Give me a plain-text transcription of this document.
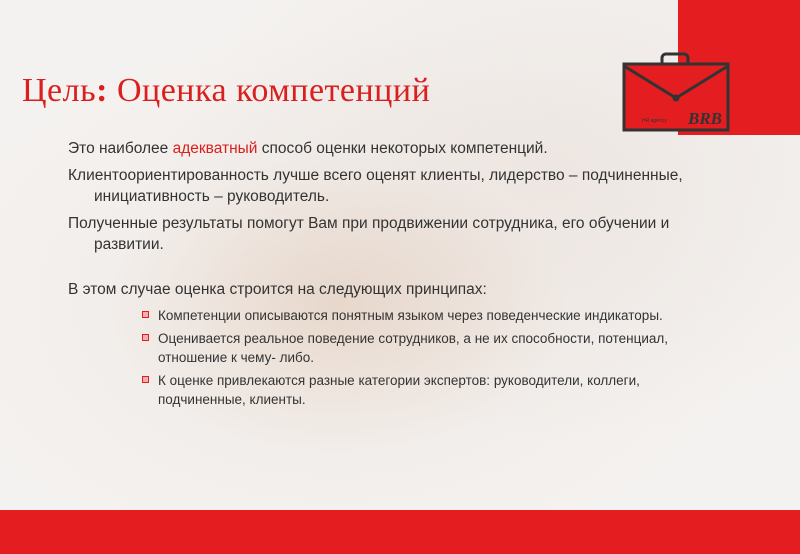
HR agency BRB
Цель: Оценка компетенций

Это наиболее адекватный способ оценки некоторых компетенций.

Клиентоориентированность лучше всего оценят клиенты, лидерство – подчиненные, инициативность – руководитель.

Полученные результаты помогут Вам при продвижении сотрудника, его обучении и развитии.

В этом случае оценка строится на следующих принципах:

Компетенции описываются понятным языком через поведенческие индикаторы.
Оценивается реальное поведение сотрудников, а не их способности, потенциал, отношение к чему- либо.
К оценке привлекаются разные категории экспертов: руководители, коллеги, подчиненные, клиенты.
